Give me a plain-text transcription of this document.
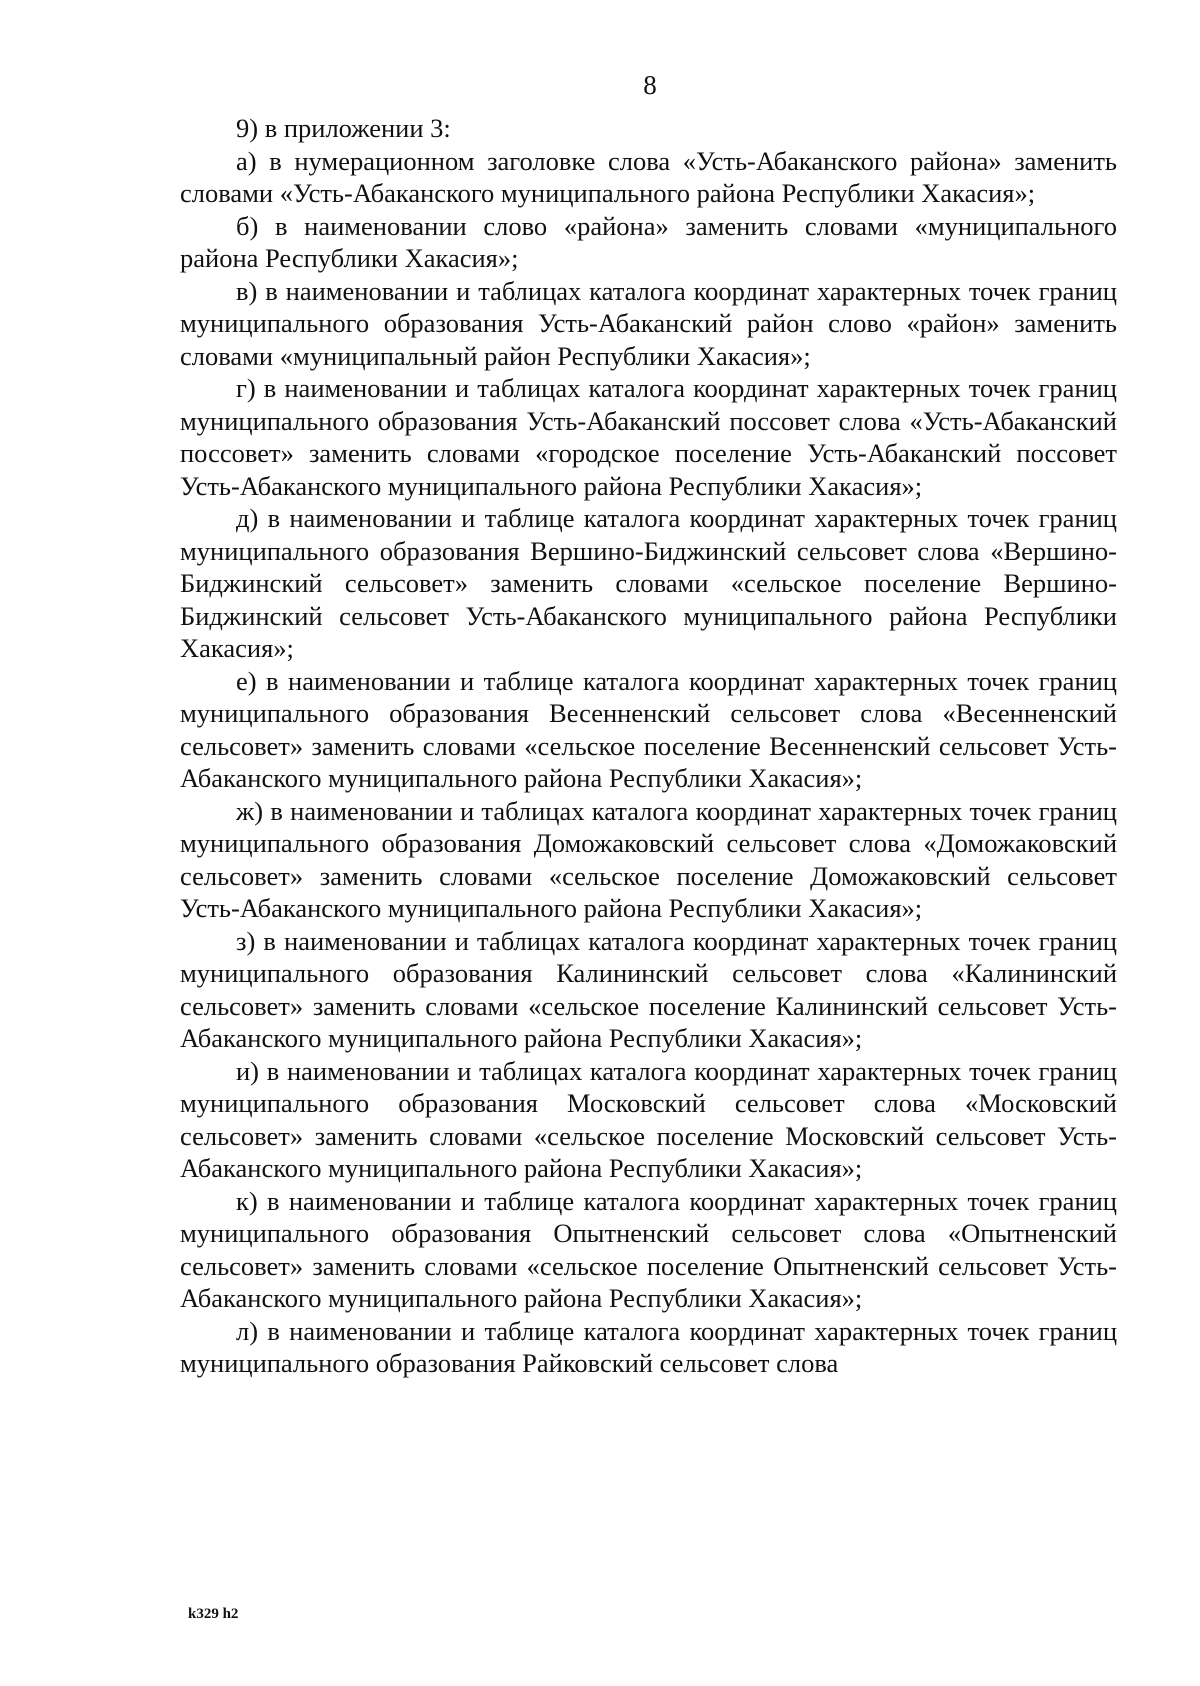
8

9) в приложении 3:

а) в нумерационном заголовке слова «Усть-Абаканского района» заменить словами «Усть-Абаканского муниципального района Республики Хакасия»;

б) в наименовании слово «района» заменить словами «муниципального района Республики Хакасия»;

в) в наименовании и таблицах каталога координат характерных точек границ муниципального образования Усть-Абаканский район слово «район» заменить словами «муниципальный район Республики Хакасия»;

г) в наименовании и таблицах каталога координат характерных точек границ муниципального образования Усть-Абаканский поссовет слова «Усть-Абаканский поссовет» заменить словами «городское поселение Усть-Абаканский поссовет Усть-Абаканского муниципального района Республики Хакасия»;

д) в наименовании и таблице каталога координат характерных точек границ муниципального образования Вершино-Биджинский сельсовет слова «Вершино-Биджинский сельсовет» заменить словами «сельское поселение Вершино-Биджинский сельсовет Усть-Абаканского муниципального района Республики Хакасия»;

е) в наименовании и таблице каталога координат характерных точек границ муниципального образования Весенненский сельсовет слова «Весенненский сельсовет» заменить словами «сельское поселение Весенненский сельсовет Усть-Абаканского муниципального района Республики Хакасия»;

ж) в наименовании и таблицах каталога координат характерных точек границ муниципального образования Доможаковский сельсовет слова «Доможаковский сельсовет» заменить словами «сельское поселение Доможаковский сельсовет Усть-Абаканского муниципального района Республики Хакасия»;

з) в наименовании и таблицах каталога координат характерных точек границ муниципального образования Калининский сельсовет слова «Калининский сельсовет» заменить словами «сельское поселение Калининский сельсовет Усть-Абаканского муниципального района Республики Хакасия»;

и) в наименовании и таблицах каталога координат характерных точек границ муниципального образования Московский сельсовет слова «Московский сельсовет» заменить словами «сельское поселение Московский сельсовет Усть-Абаканского муниципального района Республики Хакасия»;

к) в наименовании и таблице каталога координат характерных точек границ муниципального образования Опытненский сельсовет слова «Опытненский сельсовет» заменить словами «сельское поселение Опытненский сельсовет Усть-Абаканского муниципального района Республики Хакасия»;

л) в наименовании и таблице каталога координат характерных точек границ муниципального образования Райковский сельсовет слова

k329 h2
